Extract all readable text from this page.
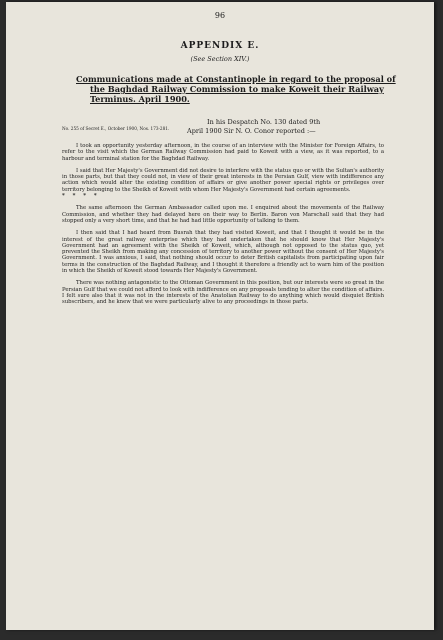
96
APPENDIX E.
(See Section XIV.)
Communications made at Constantinople in regard to the proposal of
the Baghdad Railway Commission to make Koweit their Railway
Terminus. April 1900.
No. 255 of Secret E., October 1900, Nos. 173-281.
In his Despatch No. 130 dated 9th
April 1900 Sir N. O. Conor reported :—

I took an opportunity yesterday afternoon, in the course of an interview with the Minister for Foreign Affairs, to refer to the visit which the German Railway Commission had paid to Koweit with a view, as it was reported, to a harbour and terminal station for the Baghdad Railway.

I said that Her Majesty's Government did not desire to interfere with the status quo or with the Sultan's authority in those parts, but that they could not, in view of their great interests in the Persian Gulf, view with indifference any action which would alter the existing condition of affairs or give another power special rights or privileges over territory belonging to the Sheikh of Koweit with whom Her Majesty's Government had certain agreements.
* * * *

The same afternoon the German Ambassador called upon me. I enquired about the movements of the Railway Commission, and whether they had delayed here on their way to Berlin. Baron von Marschall said that they had stopped only a very short time, and that he had had little opportunity of talking to them.

I then said that I had heard from Busrah that they had visited Koweit, and that I thought it would be in the interest of the great railway enterprise which they had undertaken that he should know that Her Majesty's Government had an agreement with the Sheikh of Koweit, which, although not opposed to the status quo, yet prevented the Sheikh from making any concession of territory to another power without the consent of Her Majesty's Government. I was anxious, I said, that nothing should occur to deter British capitalists from participating upon fair terms in the construction of the Baghdad Railway, and I thought it therefore a friendly act to warn him of the position in which the Sheikh of Koweit stood towards Her Majesty's Government.

There was nothing antagonistic to the Ottoman Government in this position, but our interests were so great in the Persian Gulf that we could not afford to look with indifference on any proposals tending to alter the condition of affairs. I felt sure also that it was not in the interests of the Anatolian Railway to do anything which would disquiet British subscribers, and he knew that we were particularly alive to any proceedings in those parts.
